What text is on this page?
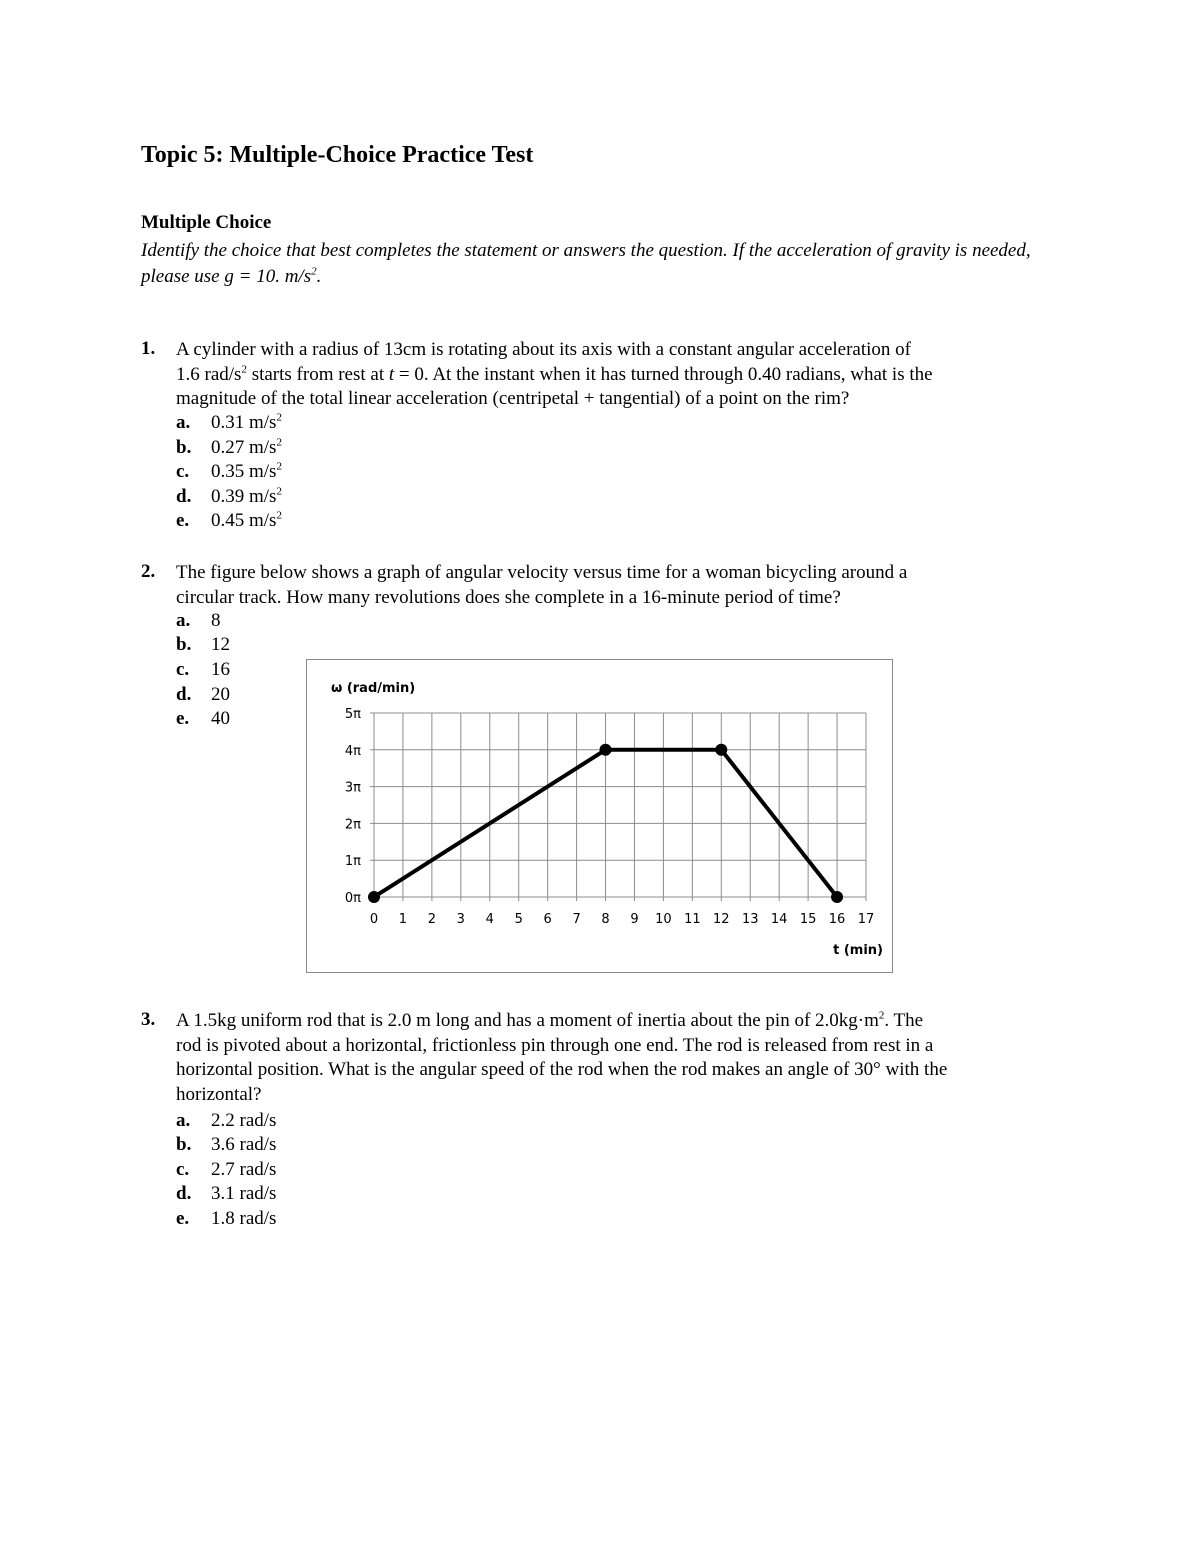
Topic 5: Multiple-Choice Practice Test
Multiple Choice
Identify the choice that best completes the statement or answers the question. If the acceleration of gravity is needed, please use g = 10. $m/s^2$.
1. A cylinder with a radius of 13cm is rotating about its axis with a constant angular acceleration of
1.6 rad/$s^2$ starts from rest at t = 0. At the instant when it has turned through 0.40 radians, what is the
magnitude of the total linear acceleration (centripetal + tangential) of a point on the rim?
a. 0.31 $m/s^2$
b. 0.27 $m/s^2$
c. 0.35 $m/s^2$
d. 0.39 $m/s^2$
e. 0.45 $m/s^2$
2. The figure below shows a graph of angular velocity versus time for a woman bicycling around a
circular track. How many revolutions does she complete in a 16-minute period of time?
a. 8
b. 12
c. 16
d. 20
e. 40
0 1 2 3 4 5 6 7 8 9 10 11 12 13 14 15 16 17
0π
1π
2π
3π
4π
5π
ω (rad/min)
t (min)
3. A 1.5kg uniform rod that is 2.0 m long and has a moment of inertia about the pin of $2.0kg\cdot m^2$. The
rod is pivoted about a horizontal, frictionless pin through one end. The rod is released from rest in a
horizontal position. What is the angular speed of the rod when the rod makes an angle of 30° with the
horizontal?
a. 2.2 rad/s
b. 3.6 rad/s
c. 2.7 rad/s
d. 3.1 rad/s
e. 1.8 rad/s
